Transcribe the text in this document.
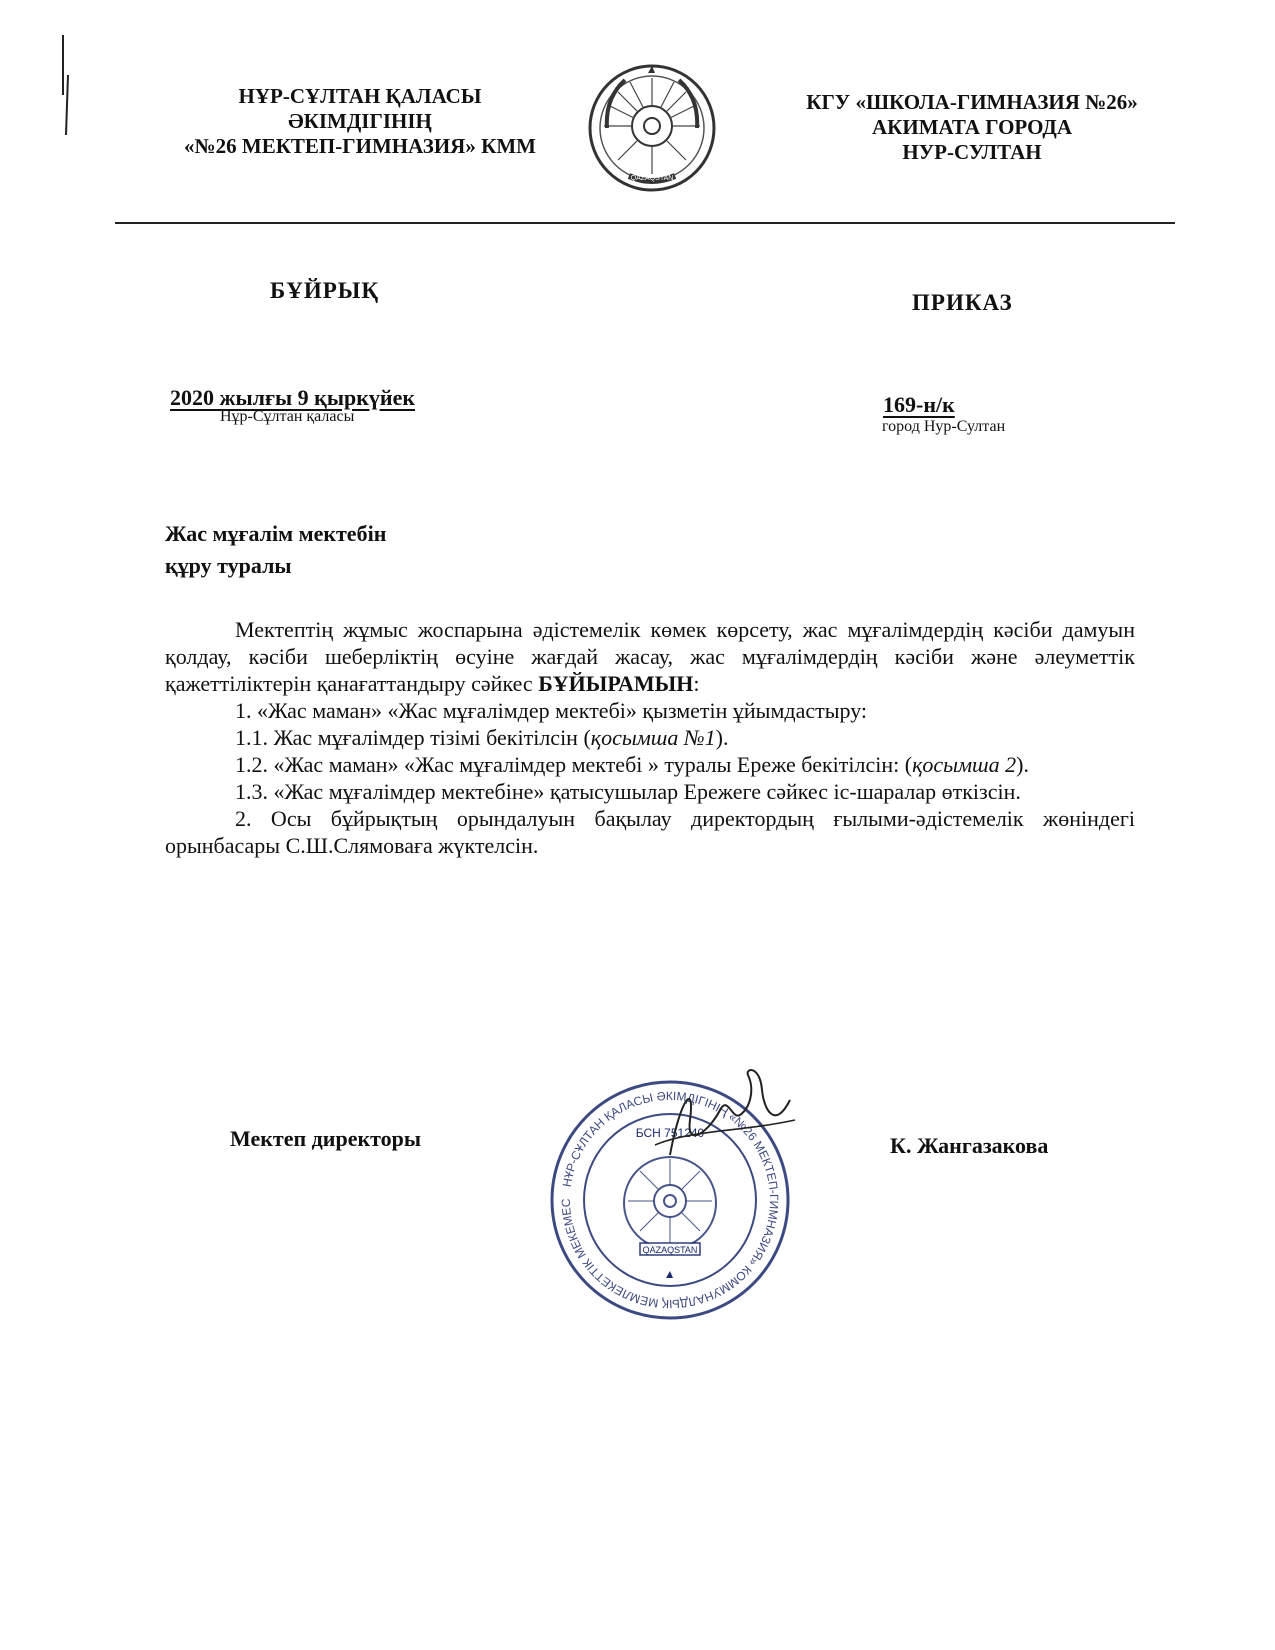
НҰР-СҰЛТАН ҚАЛАСЫ
ӘКІМДІГІНІҢ
«№26 МЕКТЕП-ГИМНАЗИЯ» КММ
QAZAQSTAN
КГУ «ШКОЛА-ГИМНАЗИЯ №26»
АКИМАТА ГОРОДА
НУР-СУЛТАН
БҰЙРЫҚ	ПРИКАЗ
2020 жылғы 9 қыркүйек
Нұр-Сұлтан қаласы	169-н/к
город Нур-Султан
Жас мұғалім мектебін
құру туралы

Мектептің жұмыс жоспарына әдістемелік көмек көрсету, жас мұғалімдердің кәсіби дамуын қолдау, кәсіби шеберліктің өсуіне жағдай жасау, жас мұғалімдердің кәсіби және әлеуметтік қажеттіліктерін қанағаттандыру сәйкес БҰЙЫРАМЫН:

1. «Жас маман» «Жас мұғалімдер мектебі» қызметін ұйымдастыру:

1.1. Жас мұғалімдер тізімі бекітілсін (қосымша №1).

1.2. «Жас маман» «Жас мұғалімдер мектебі » туралы Ереже бекітілсін: (қосымша 2).

1.3. «Жас мұғалімдер мектебіне» қатысушылар Ережеге сәйкес іс-шаралар өткізсін.

2. Осы бұйрықтың орындалуын бақылау директордың ғылыми-әдістемелік жөніндегі орынбасары С.Ш.Слямоваға жүктелсін.

Мектеп директоры
НҰР-СҰЛТАН ҚАЛАСЫ ӘКІМДІГІНІҢ «№26 МЕКТЕП-ГИМНАЗИЯ» КОММУНАЛДЫҚ МЕМЛЕКЕТТІК МЕКЕМЕС
БСН 751240
QAZAQSTAN
К. Жангазакова
